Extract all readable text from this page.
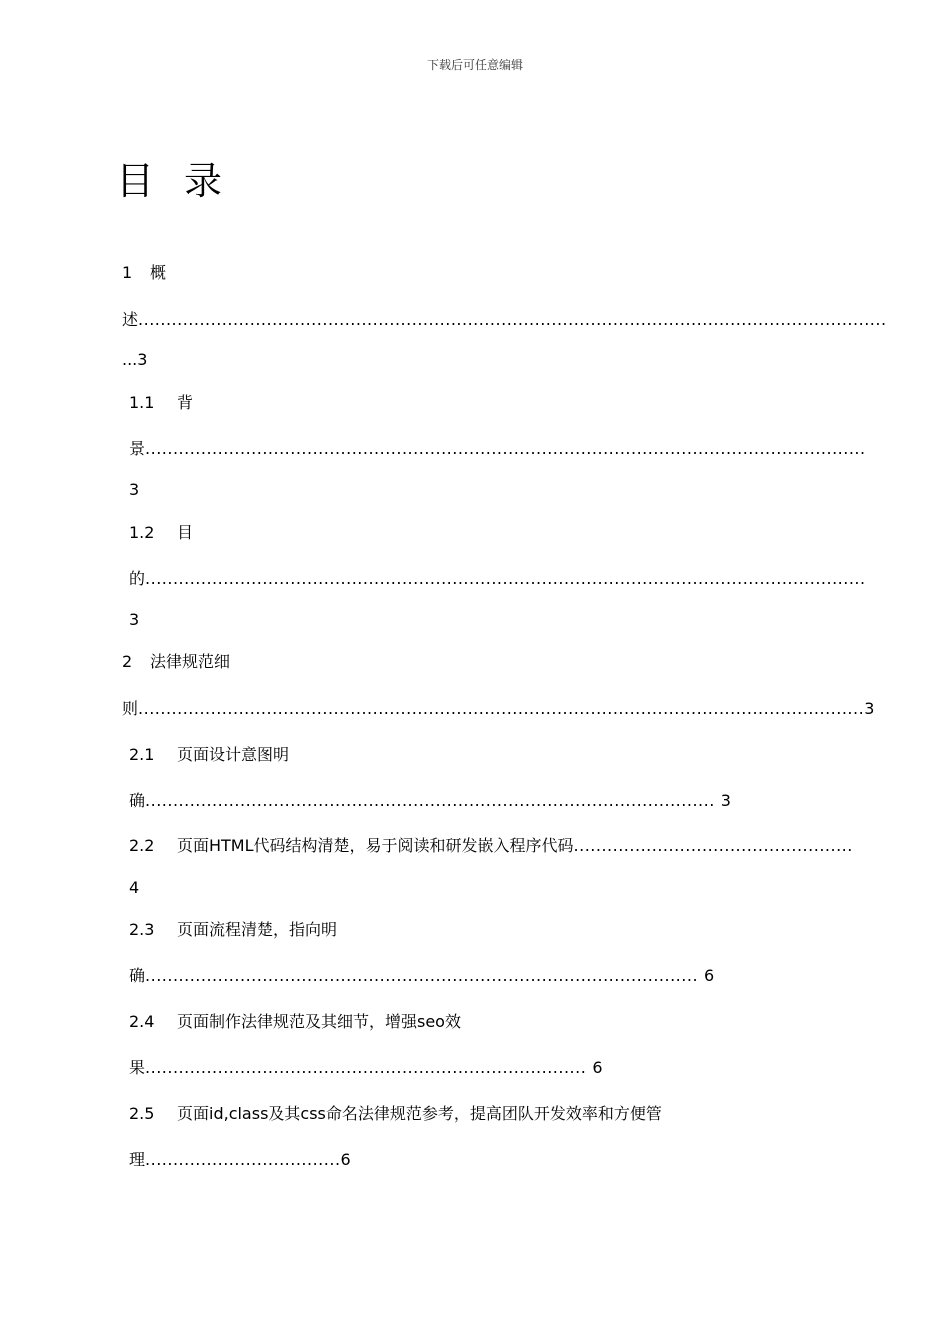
下载后可任意编辑
目录
1 概
述......................................................................................................................................
...3
1.1 背
景.................................................................................................................................
3
1.2 目
的.................................................................................................................................
3
2 法律规范细
则..................................................................................................................................3
2.1 页面设计意图明
确...................................................................................................... 3
2.2 页面HTML代码结构清楚，易于阅读和研发嵌入程序代码..................................................
4
2.3 页面流程清楚，指向明
确................................................................................................... 6
2.4 页面制作法律规范及其细节，增强seo效
果............................................................................... 6
2.5 页面id,class及其css命名法律规范参考，提高团队开发效率和方便管
理...................................6
